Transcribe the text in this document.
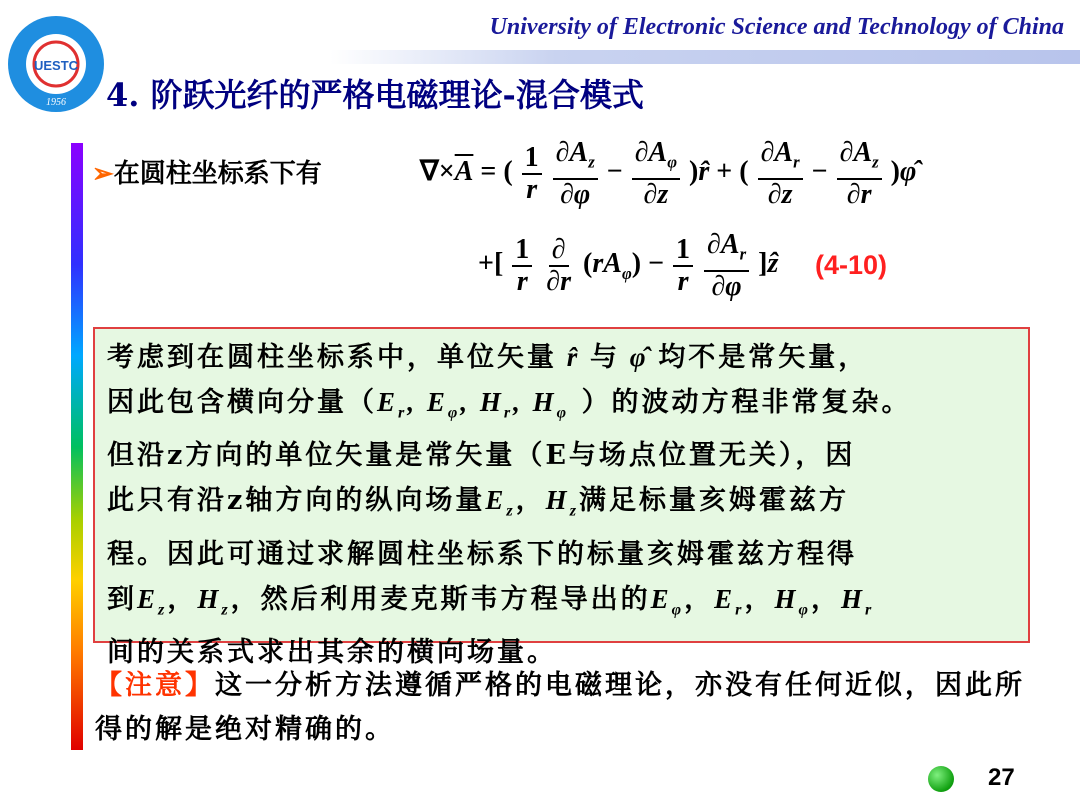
University of Electronic Science and Technology of China
UESTC
1956 4. 阶跃光纤的严格电磁理论-混合模式
➢在圆柱坐标系下有	$\nabla\times\overline{A}$ = ( $\frac{1}{r}$
$\frac{\partial A_z}{\partial\varphi} - \frac{\partial A_\varphi}{\partial z}$ )r̂ + ( $\frac{\partial A_r}{\partial z} - \frac{\partial A_z}{\partial r}$ )φ̂
+[ $\frac{1}{r}$
$\frac{\partial}{\partial r} (rA_\varphi) - \frac{1}{r}$
$\frac{\partial A_r}{\partial\varphi}$ ]ẑ (4-10)

考虑到在圆柱坐标系中，单位矢量 r̂ 与 φ̂ 均不是常矢量，

因此包含横向分量（$E_r$, $E_\varphi$, $H_r$, $H_\varphi$ ）的波动方程非常复杂。

但沿z方向的单位矢量是常矢量（E与场点位置无关），因

此只有沿z轴方向的纵向场量$E_z$，$H_z$满足标量亥姆霍兹方

程。因此可通过求解圆柱坐标系下的标量亥姆霍兹方程得

到$E_z$，$H_z$，然后利用麦克斯韦方程导出的$E_\varphi$，$E_r$，$H_\varphi$，$H_r$

间的关系式求出其余的横向场量。

【注意】这一分析方法遵循严格的电磁理论，亦没有任何近似，因此所得的解是绝对精确的。
27
